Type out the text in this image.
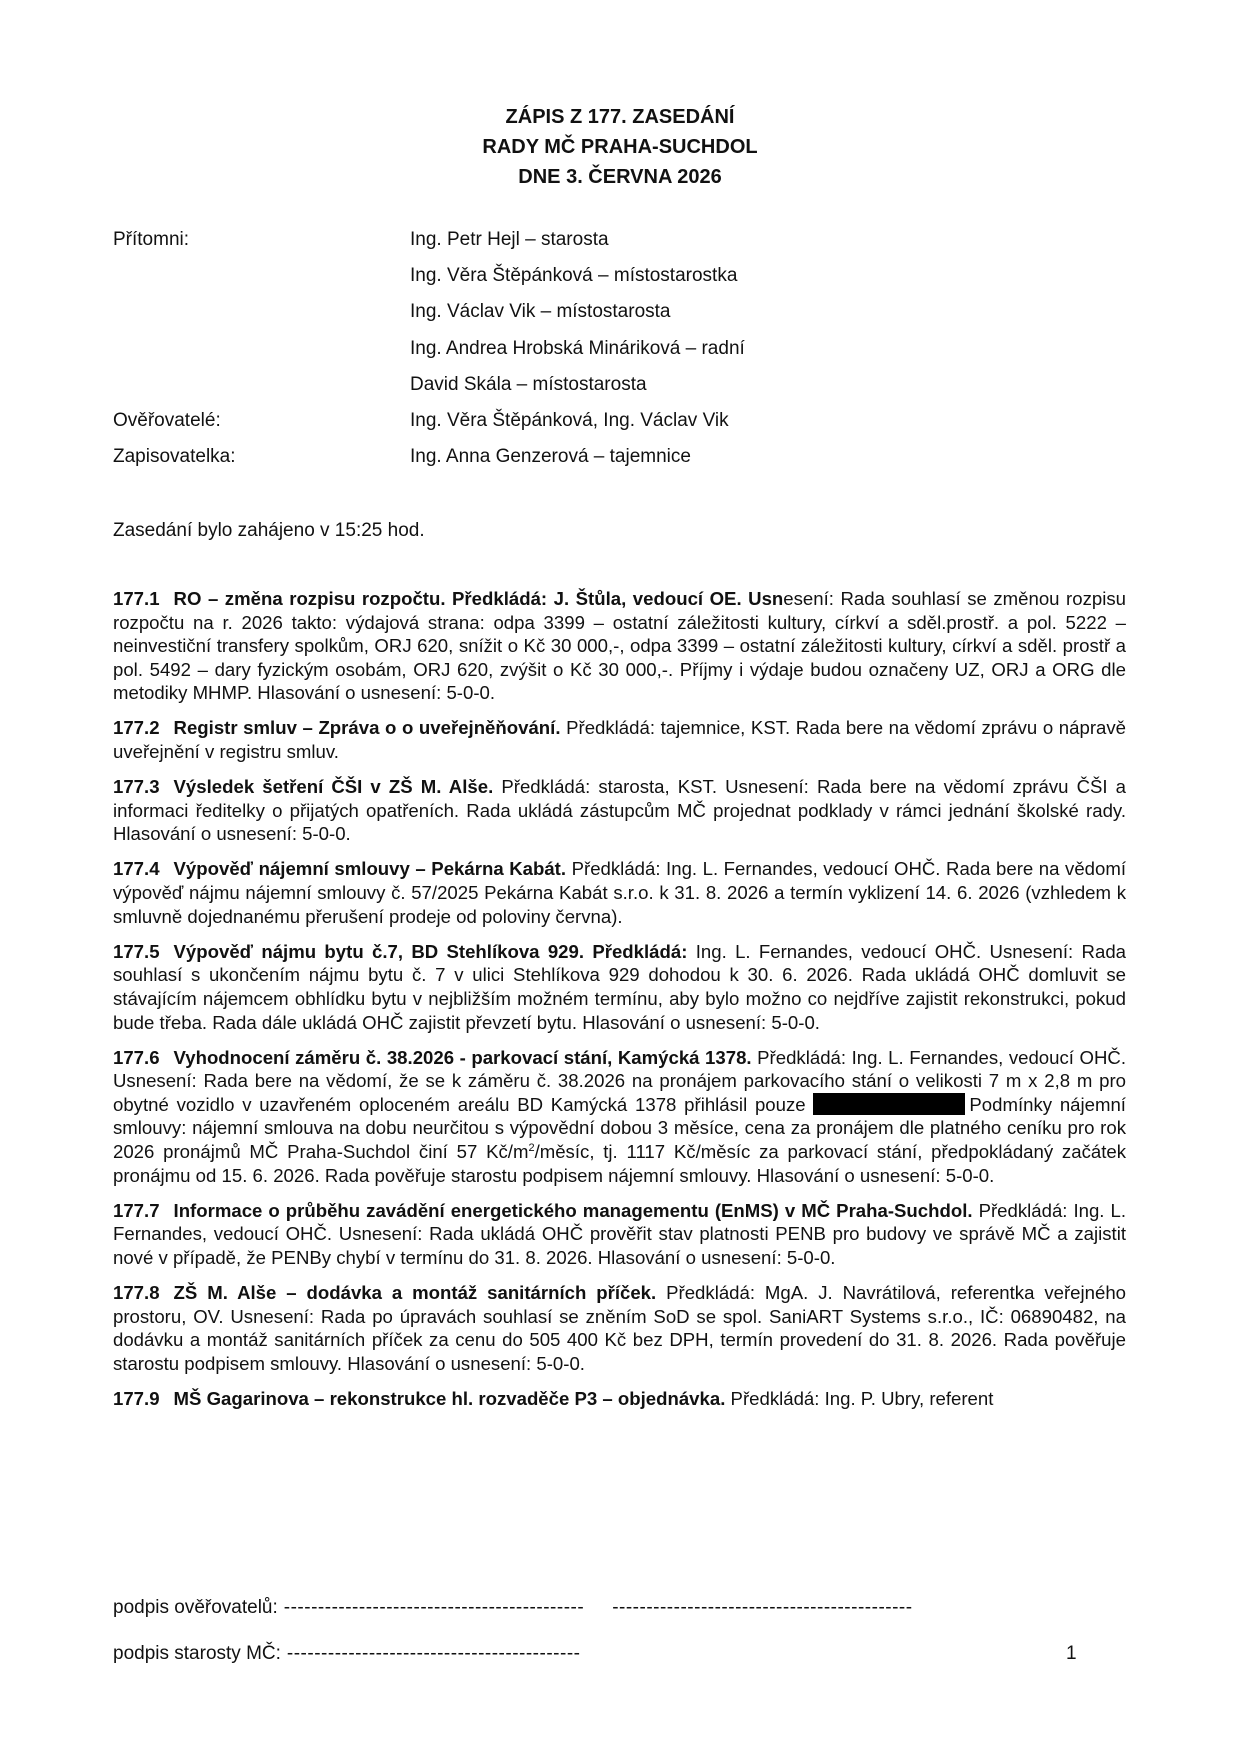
ZÁPIS Z 177. ZASEDÁNÍ
RADY MČ PRAHA-SUCHDOL
DNE 3. ČERVNA 2026
Přítomni:	Ing. Petr Hejl – starosta
Ing. Věra Štěpánková – místostarostka
Ing. Václav Vik – místostarosta
Ing. Andrea Hrobská Mináriková – radní
David Skála – místostarosta
Ověřovatelé:	Ing. Věra Štěpánková, Ing. Václav Vik
Zapisovatelka:	Ing. Anna Genzerová – tajemnice
Zasedání bylo zahájeno v 15:25 hod.

177.1 RO – změna rozpisu rozpočtu. Předkládá: J. Štůla, vedoucí OE. Usnesení: Rada souhlasí se změnou rozpisu rozpočtu na r. 2026 takto: výdajová strana: odpa 3399 – ostatní záležitosti kultury, církví a sděl.prostř. a pol. 5222 – neinvestiční transfery spolkům, ORJ 620, snížit o Kč 30 000,-, odpa 3399 – ostatní záležitosti kultury, církví a sděl. prostř a pol. 5492 – dary fyzickým osobám, ORJ 620, zvýšit o Kč 30 000,-. Příjmy i výdaje budou označeny UZ, ORJ a ORG dle metodiky MHMP. Hlasování o usnesení: 5-0-0.

177.2 Registr smluv – Zpráva o o uveřejněňování. Předkládá: tajemnice, KST. Rada bere na vědomí zprávu o nápravě uveřejnění v registru smluv.

177.3 Výsledek šetření ČŠI v ZŠ M. Alše. Předkládá: starosta, KST. Usnesení: Rada bere na vědomí zprávu ČŠI a informaci ředitelky o přijatých opatřeních. Rada ukládá zástupcům MČ projednat podklady v rámci jednání školské rady. Hlasování o usnesení: 5-0-0.

177.4 Výpověď nájemní smlouvy – Pekárna Kabát. Předkládá: Ing. L. Fernandes, vedoucí OHČ. Rada bere na vědomí výpověď nájmu nájemní smlouvy č. 57/2025 Pekárna Kabát s.r.o. k 31. 8. 2026 a termín vyklizení 14. 6. 2026 (vzhledem k smluvně dojednanému přerušení prodeje od poloviny června).

177.5 Výpověď nájmu bytu č.7, BD Stehlíkova 929. Předkládá: Ing. L. Fernandes, vedoucí OHČ. Usnesení: Rada souhlasí s ukončením nájmu bytu č. 7 v ulici Stehlíkova 929 dohodou k 30. 6. 2026. Rada ukládá OHČ domluvit se stávajícím nájemcem obhlídku bytu v nejbližším možném termínu, aby bylo možno co nejdříve zajistit rekonstrukci, pokud bude třeba. Rada dále ukládá OHČ zajistit převzetí bytu. Hlasování o usnesení: 5-0-0.

177.6 Vyhodnocení záměru č. 38.2026 - parkovací stání, Kamýcká 1378. Předkládá: Ing. L. Fernandes, vedoucí OHČ. Usnesení: Rada bere na vědomí, že se k záměru č. 38.2026 na pronájem parkovacího stání o velikosti 7 m x 2,8 m pro obytné vozidlo v uzavřeném oploceném areálu BD Kamýcká 1378 přihlásil pouze	Podmínky nájemní smlouvy: nájemní smlouva na dobu neurčitou s výpovědní dobou 3 měsíce, cena za pronájem dle platného ceníku pro rok 2026 pronájmů MČ Praha-Suchdol činí 57 $Kč/m^2$/měsíc, tj. 1117 Kč/měsíc za parkovací stání, předpokládaný začátek pronájmu od 15. 6. 2026. Rada pověřuje starostu podpisem nájemní smlouvy. Hlasování o usnesení: 5-0-0.

177.7 Informace o průběhu zavádění energetického managementu (EnMS) v MČ Praha-Suchdol. Předkládá: Ing. L. Fernandes, vedoucí OHČ. Usnesení: Rada ukládá OHČ prověřit stav platnosti PENB pro budovy ve správě MČ a zajistit nové v případě, že PENBy chybí v termínu do 31. 8. 2026. Hlasování o usnesení: 5-0-0.

177.8 ZŠ M. Alše – dodávka a montáž sanitárních příček. Předkládá: MgA. J. Navrátilová, referentka veřejného prostoru, OV. Usnesení: Rada po úpravách souhlasí se zněním SoD se spol. SaniART Systems s.r.o., IČ: 06890482, na dodávku a montáž sanitárních příček za cenu do 505 400 Kč bez DPH, termín provedení do 31. 8. 2026. Rada pověřuje starostu podpisem smlouvy. Hlasování o usnesení: 5-0-0.

177.9 MŠ Gagarinova – rekonstrukce hl. rozvaděče P3 – objednávka. Předkládá: Ing. P. Ubry, referent

podpis ověřovatelů: -------------------------------------------- --------------------------------------------
podpis starosty MČ: -------------------------------------------	1
